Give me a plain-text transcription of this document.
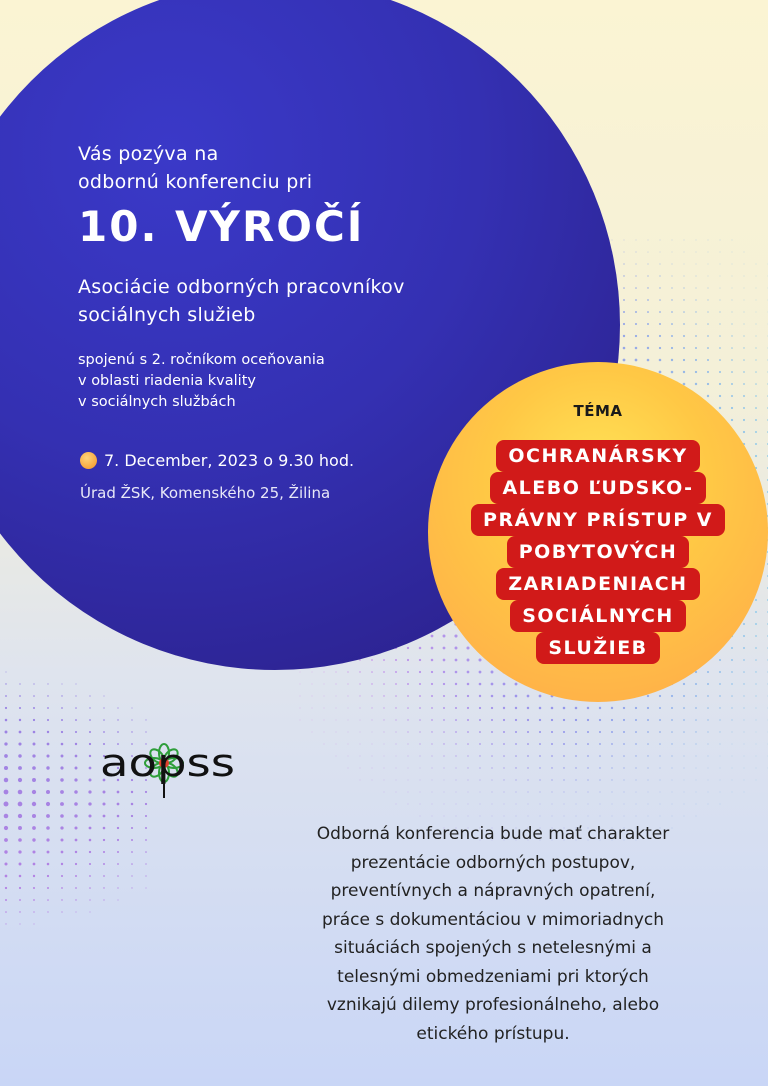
Vás pozýva na
odbornú konferenciu pri
10. VÝROČÍ
Asociácie odborných pracovníkov
sociálnych služieb
spojenú s 2. ročníkom oceňovania
v oblasti riadenia kvality
v sociálnych službách
7. December, 2023 o 9.30 hod.
Úrad ŽSK, Komenského 25, Žilina
TÉMA
OCHRANÁRSKY
ALEBO ĽUDSKO-
PRÁVNY PRÍSTUP V
POBYTOVÝCH
ZARIADENIACH
SOCIÁLNYCH
SLUŽIEB
aopss
Odborná konferencia bude mať charakter
prezentácie odborných postupov,
preventívnych a nápravných opatrení,
práce s dokumentáciou v mimoriadnych
situáciách spojených s netelesnými a
telesnými obmedzeniami pri ktorých
vznikajú dilemy profesionálneho, alebo
etického prístupu.
